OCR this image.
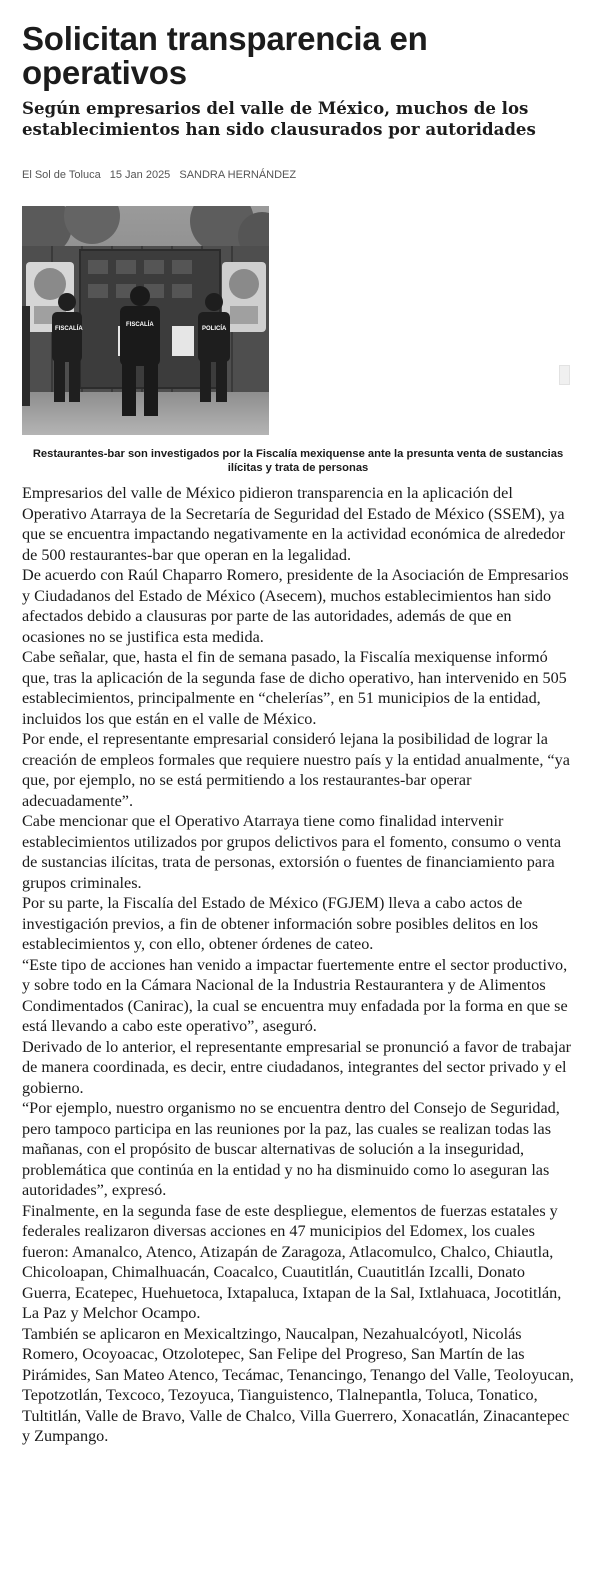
Solicitan transparencia en operativos
Según empresarios del valle de México, muchos de los establecimientos han sido clausurados por autoridades
El Sol de Toluca 15 Jan 2025 SANDRA HERNÁNDEZ
FISCALÍA
FISCALÍA
POLICÍA

Restaurantes-bar son investigados por la Fiscalía mexiquense ante la presunta venta de sustancias ilícitas y trata de personas

Empresarios del valle de México pidieron transparencia en la aplicación del Operativo Atarraya de la Secretaría de Seguridad del Estado de México (SSEM), ya que se encuentra impactando negativamente en la actividad económica de alrededor de 500 restaurantes-bar que operan en la legalidad.

De acuerdo con Raúl Chaparro Romero, presidente de la Asociación de Empresarios y Ciudadanos del Estado de México (Asecem), muchos establecimientos han sido afectados debido a clausuras por parte de las autoridades, además de que en ocasiones no se justifica esta medida.

Cabe señalar, que, hasta el fin de semana pasado, la Fiscalía mexiquense informó que, tras la aplicación de la segunda fase de dicho operativo, han intervenido en 505 establecimientos, principalmente en “chelerías”, en 51 municipios de la entidad, incluidos los que están en el valle de México.

Por ende, el representante empresarial consideró lejana la posibilidad de lograr la creación de empleos formales que requiere nuestro país y la entidad anualmente, “ya que, por ejemplo, no se está permitiendo a los restaurantes-bar operar adecuadamente”.

Cabe mencionar que el Operativo Atarraya tiene como finalidad intervenir establecimientos utilizados por grupos delictivos para el fomento, consumo o venta de sustancias ilícitas, trata de personas, extorsión o fuentes de financiamiento para grupos criminales.

Por su parte, la Fiscalía del Estado de México (FGJEM) lleva a cabo actos de investigación previos, a fin de obtener información sobre posibles delitos en los establecimientos y, con ello, obtener órdenes de cateo.

“Este tipo de acciones han venido a impactar fuertemente entre el sector productivo, y sobre todo en la Cámara Nacional de la Industria Restaurantera y de Alimentos

Condimentados (Canirac), la cual se encuentra muy enfadada por la forma en que se está llevando a cabo este operativo”, aseguró.

Derivado de lo anterior, el representante empresarial se pronunció a favor de trabajar de manera coordinada, es decir, entre ciudadanos, integrantes del sector privado y el gobierno.

“Por ejemplo, nuestro organismo no se encuentra dentro del Consejo de Seguridad, pero tampoco participa en las reuniones por la paz, las cuales se realizan todas las mañanas, con el propósito de buscar alternativas de solución a la inseguridad, problemática que continúa en la entidad y no ha disminuido como lo aseguran las autoridades”, expresó.

Finalmente, en la segunda fase de este despliegue, elementos de fuerzas estatales y federales realizaron diversas acciones en 47 municipios del Edomex, los cuales fueron: Amanalco, Atenco, Atizapán de Zaragoza, Atlacomulco, Chalco, Chiautla, Chicoloapan, Chimalhuacán, Coacalco, Cuautitlán, Cuautitlán Izcalli, Donato Guerra, Ecatepec, Huehuetoca, Ixtapaluca, Ixtapan de la Sal, Ixtlahuaca, Jocotitlán, La Paz y Melchor Ocampo.

También se aplicaron en Mexicaltzingo, Naucalpan, Nezahualcóyotl, Nicolás Romero, Ocoyoacac, Otzolotepec, San Felipe del Progreso, San Martín de las Pirámides, San Mateo Atenco, Tecámac, Tenancingo, Tenango del Valle, Teoloyucan, Tepotzotlán, Texcoco, Tezoyuca, Tianguistenco, Tlalnepantla, Toluca, Tonatico, Tultitlán, Valle de Bravo, Valle de Chalco, Villa Guerrero, Xonacatlán, Zinacantepec y Zumpango.
